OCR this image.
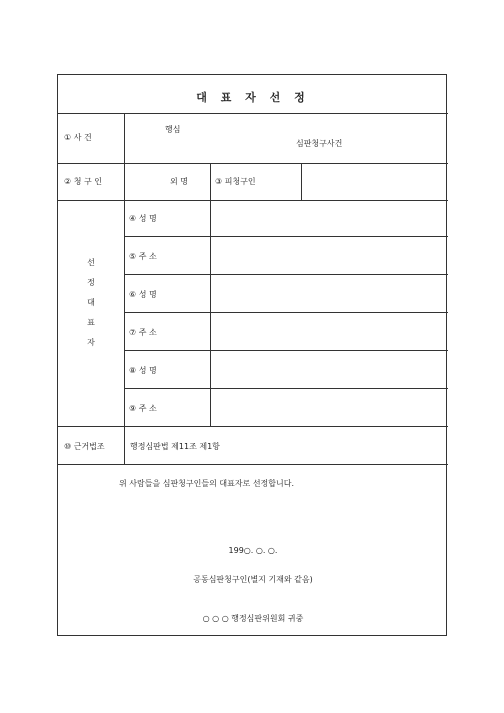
대 표 자 선 정
① 사 건
행심
심판청구사건
② 청 구 인	외 명	③ 피청구인
선
정
대
표
자
④ 성 명
⑤ 주 소
⑥ 성 명
⑦ 주 소
⑧ 성 명
⑨ 주 소
⑩ 근거법조	행정심판법 제11조 제1항
위 사람들을 심판청구인들의 대표자로 선정합니다.
199○. ○. ○.
공동심판청구인(별지 기재와 같음)
○ ○ ○ 행정심판위원회 귀중
